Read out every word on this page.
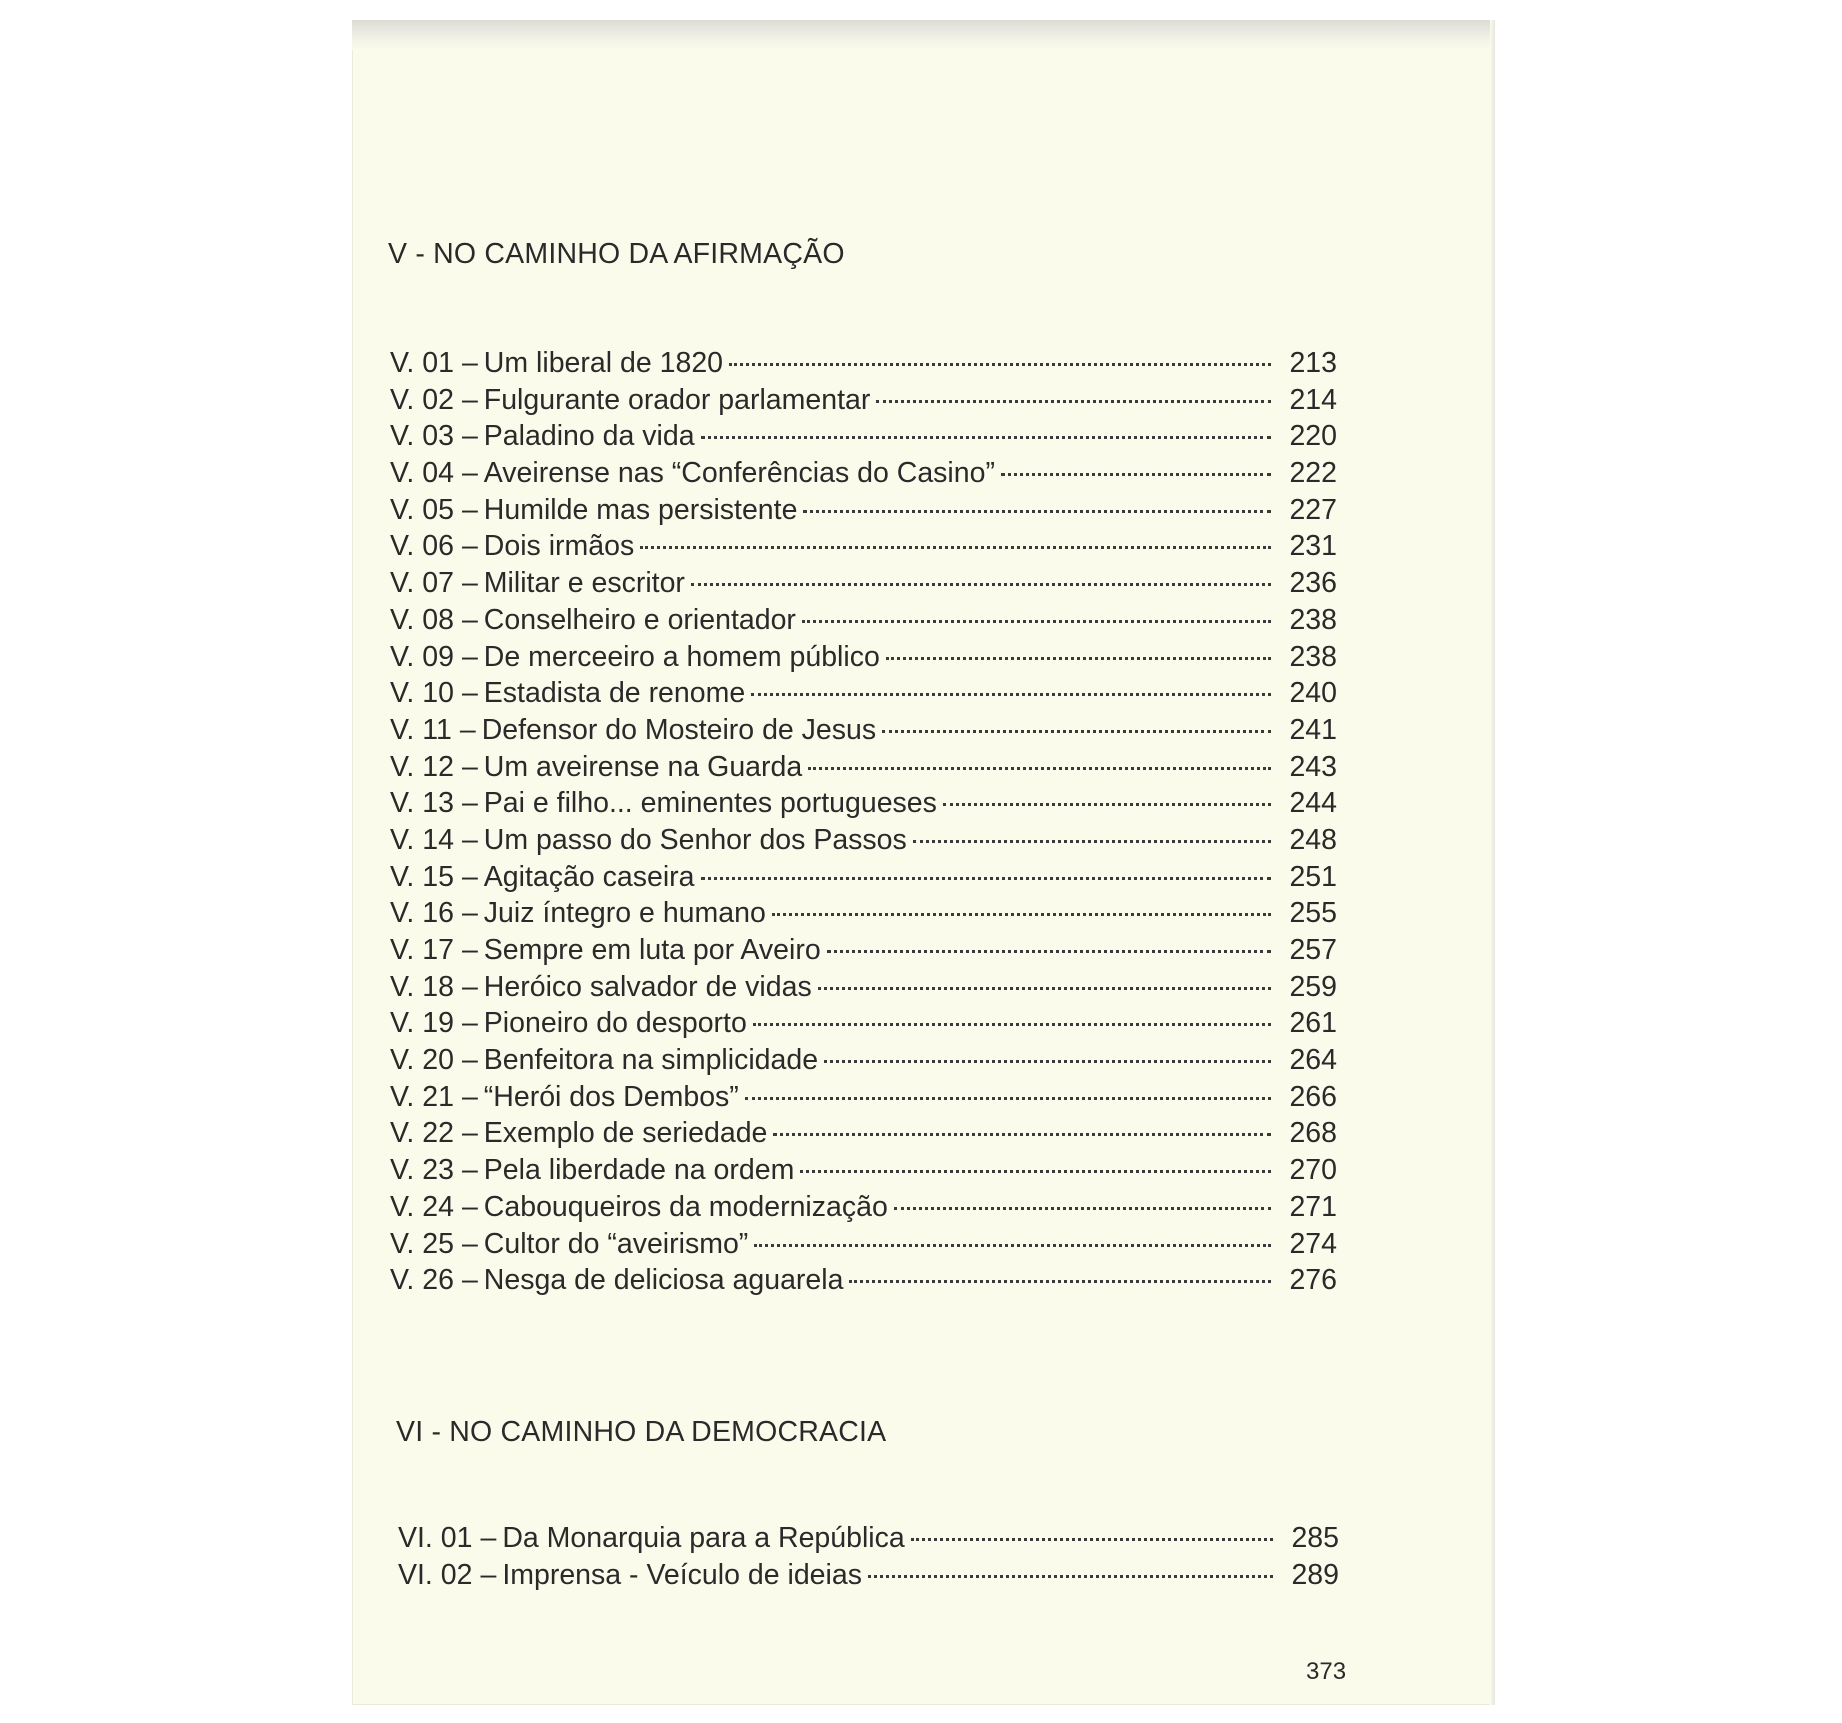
V - NO CAMINHO DA AFIRMAÇÃO
V. 01 – Um liberal de 1820	213
V. 02 – Fulgurante orador parlamentar	214
V. 03 – Paladino da vida	220
V. 04 – Aveirense nas “Conferências do Casino”	222
V. 05 – Humilde mas persistente	227
V. 06 – Dois irmãos	231
V. 07 – Militar e escritor	236
V. 08 – Conselheiro e orientador	238
V. 09 – De merceeiro a homem público	238
V. 10 – Estadista de renome	240
V. 11 – Defensor do Mosteiro de Jesus	241
V. 12 – Um aveirense na Guarda	243
V. 13 – Pai e filho... eminentes portugueses	244
V. 14 – Um passo do Senhor dos Passos	248
V. 15 – Agitação caseira	251
V. 16 – Juiz íntegro e humano	255
V. 17 – Sempre em luta por Aveiro	257
V. 18 – Heróico salvador de vidas	259
V. 19 – Pioneiro do desporto	261
V. 20 – Benfeitora na simplicidade	264
V. 21 – “Herói dos Dembos”	266
V. 22 – Exemplo de seriedade	268
V. 23 – Pela liberdade na ordem	270
V. 24 – Cabouqueiros da modernização	271
V. 25 – Cultor do “aveirismo”	274
V. 26 – Nesga de deliciosa aguarela	276
VI - NO CAMINHO DA DEMOCRACIA
VI. 01 – Da Monarquia para a República	285
VI. 02 – Imprensa - Veículo de ideias	289
373
